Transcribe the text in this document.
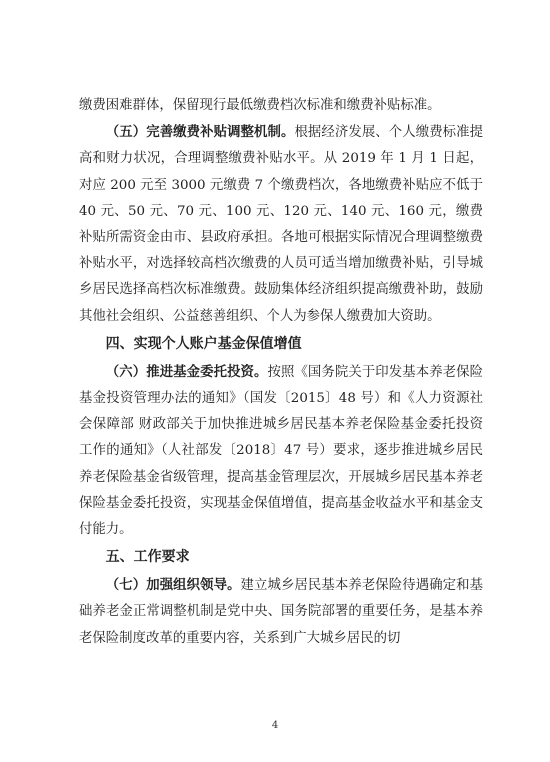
缴费困难群体，保留现行最低缴费档次标准和缴费补贴标准。

（五）完善缴费补贴调整机制。根据经济发展、个人缴费标准提高和财力状况，合理调整缴费补贴水平。从 2019 年 1 月 1 日起，对应 200 元至 3000 元缴费 7 个缴费档次，各地缴费补贴应不低于 40 元、50 元、70 元、100 元、120 元、140 元、160 元，缴费补贴所需资金由市、县政府承担。各地可根据实际情况合理调整缴费补贴水平，对选择较高档次缴费的人员可适当增加缴费补贴，引导城乡居民选择高档次标准缴费。鼓励集体经济组织提高缴费补助，鼓励其他社会组织、公益慈善组织、个人为参保人缴费加大资助。

四、实现个人账户基金保值增值

（六）推进基金委托投资。按照《国务院关于印发基本养老保险基金投资管理办法的通知》（国发〔2015〕48 号）和《人力资源社会保障部 财政部关于加快推进城乡居民基本养老保险基金委托投资工作的通知》（人社部发〔2018〕47 号）要求，逐步推进城乡居民养老保险基金省级管理，提高基金管理层次，开展城乡居民基本养老保险基金委托投资，实现基金保值增值，提高基金收益水平和基金支付能力。

五、工作要求

（七）加强组织领导。建立城乡居民基本养老保险待遇确定和基础养老金正常调整机制是党中央、国务院部署的重要任务，是基本养老保险制度改革的重要内容，关系到广大城乡居民的切

4
